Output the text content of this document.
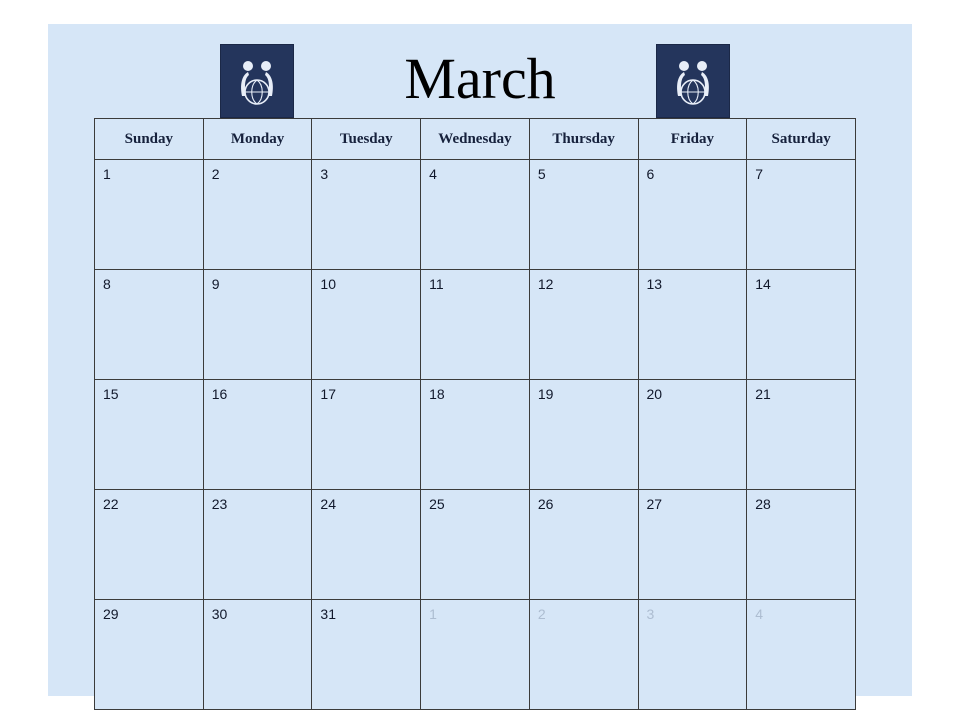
March
Sunday	Monday	Tuesday	Wednesday	Thursday	Friday	Saturday
1	2	3	4	5	6	7
8	9	10	11	12	13	14
15	16	17	18	19	20	21
22	23	24	25	26	27	28
29	30	31	1	2	3	4
